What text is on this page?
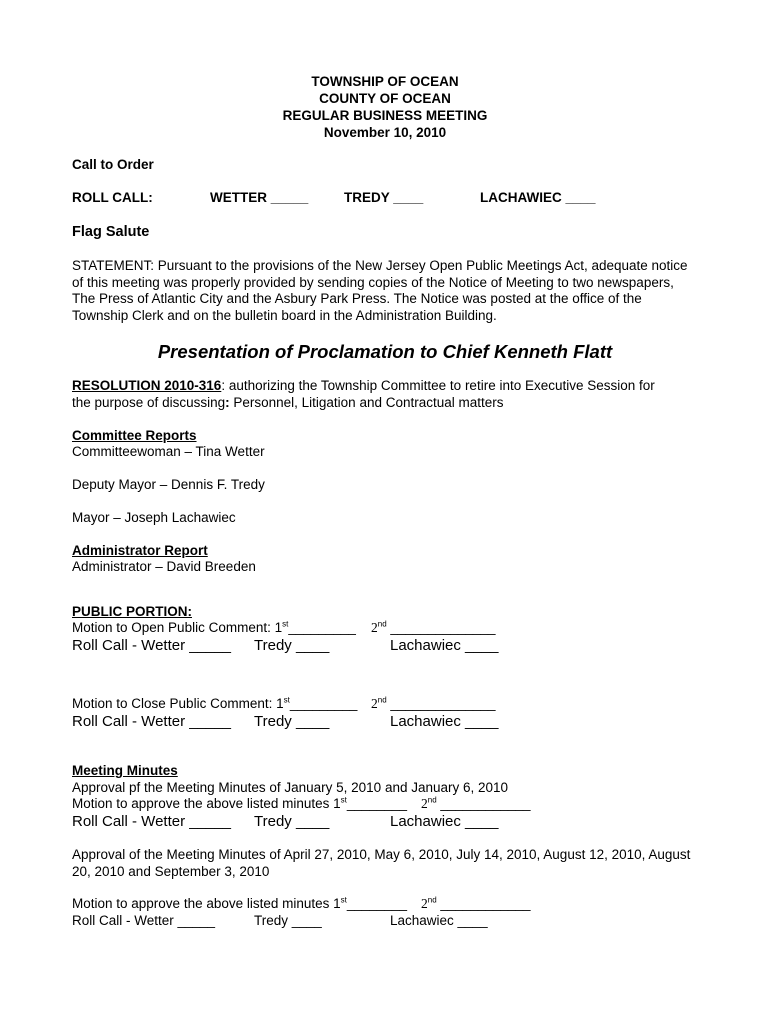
TOWNSHIP OF OCEAN
COUNTY OF OCEAN
REGULAR BUSINESS MEETING
November 10, 2010
Call to Order
ROLL CALL:	WETTER _____	TREDY ____	LACHAWIEC ____
Flag Salute
STATEMENT: Pursuant to the provisions of the New Jersey Open Public Meetings Act, adequate notice of this meeting was properly provided by sending copies of the Notice of Meeting to two newspapers, The Press of Atlantic City and the Asbury Park Press. The Notice was posted at the office of the Township Clerk and on the bulletin board in the Administration Building.
Presentation of Proclamation to Chief Kenneth Flatt
RESOLUTION 2010-316: authorizing the Township Committee to retire into Executive Session for
the purpose of discussing: Personnel, Litigation and Contractual matters
Committee Reports
Committeewoman – Tina Wetter
Deputy Mayor – Dennis F. Tredy
Mayor – Joseph Lachawiec
Administrator Report
Administrator – David Breeden
PUBLIC PORTION:
Motion to Open Public Comment: 1st_________ 2nd ______________
Roll Call - Wetter _____ Tredy ____	Lachawiec ____
Motion to Close Public Comment: 1st_________ 2nd ______________
Roll Call - Wetter _____ Tredy ____	Lachawiec ____
Meeting Minutes
Approval pf the Meeting Minutes of January 5, 2010 and January 6, 2010
Motion to approve the above listed minutes 1st________ 2nd ____________
Roll Call - Wetter _____ Tredy ____	Lachawiec ____
Approval of the Meeting Minutes of April 27, 2010, May 6, 2010, July 14, 2010, August 12, 2010, August 20, 2010 and September 3, 2010
Motion to approve the above listed minutes 1st________ 2nd ____________
Roll Call - Wetter _____	Tredy ____	Lachawiec ____
